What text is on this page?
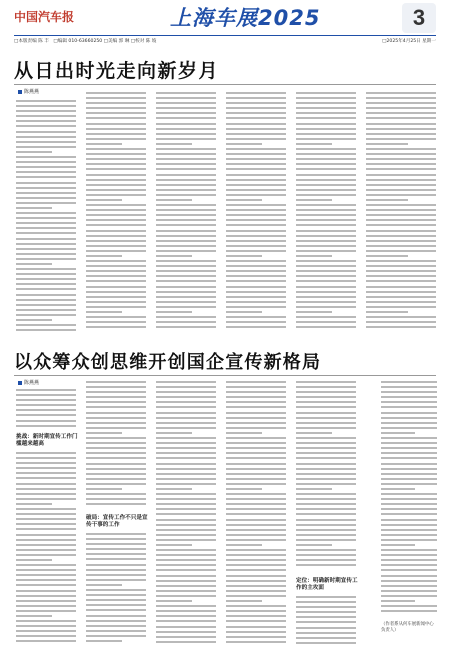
中国汽车报	上海车展2025	3
□本版责编 陈 丰　□编辑 010-63660250 □美编 郭 琳 □校对 陈 坡	□2025年4月25日 星期一
从日出时光走向新岁月
陈燕燕
以众筹众创思维开创国企宣传新格局
陈燕燕
挑战：新时期宣传工作门槛越来越高
破局：宣传工作不只是宣传干事的工作
定位：明确新时期宣传工作的主攻面
（作者系从何车展新闻中心负责人）
